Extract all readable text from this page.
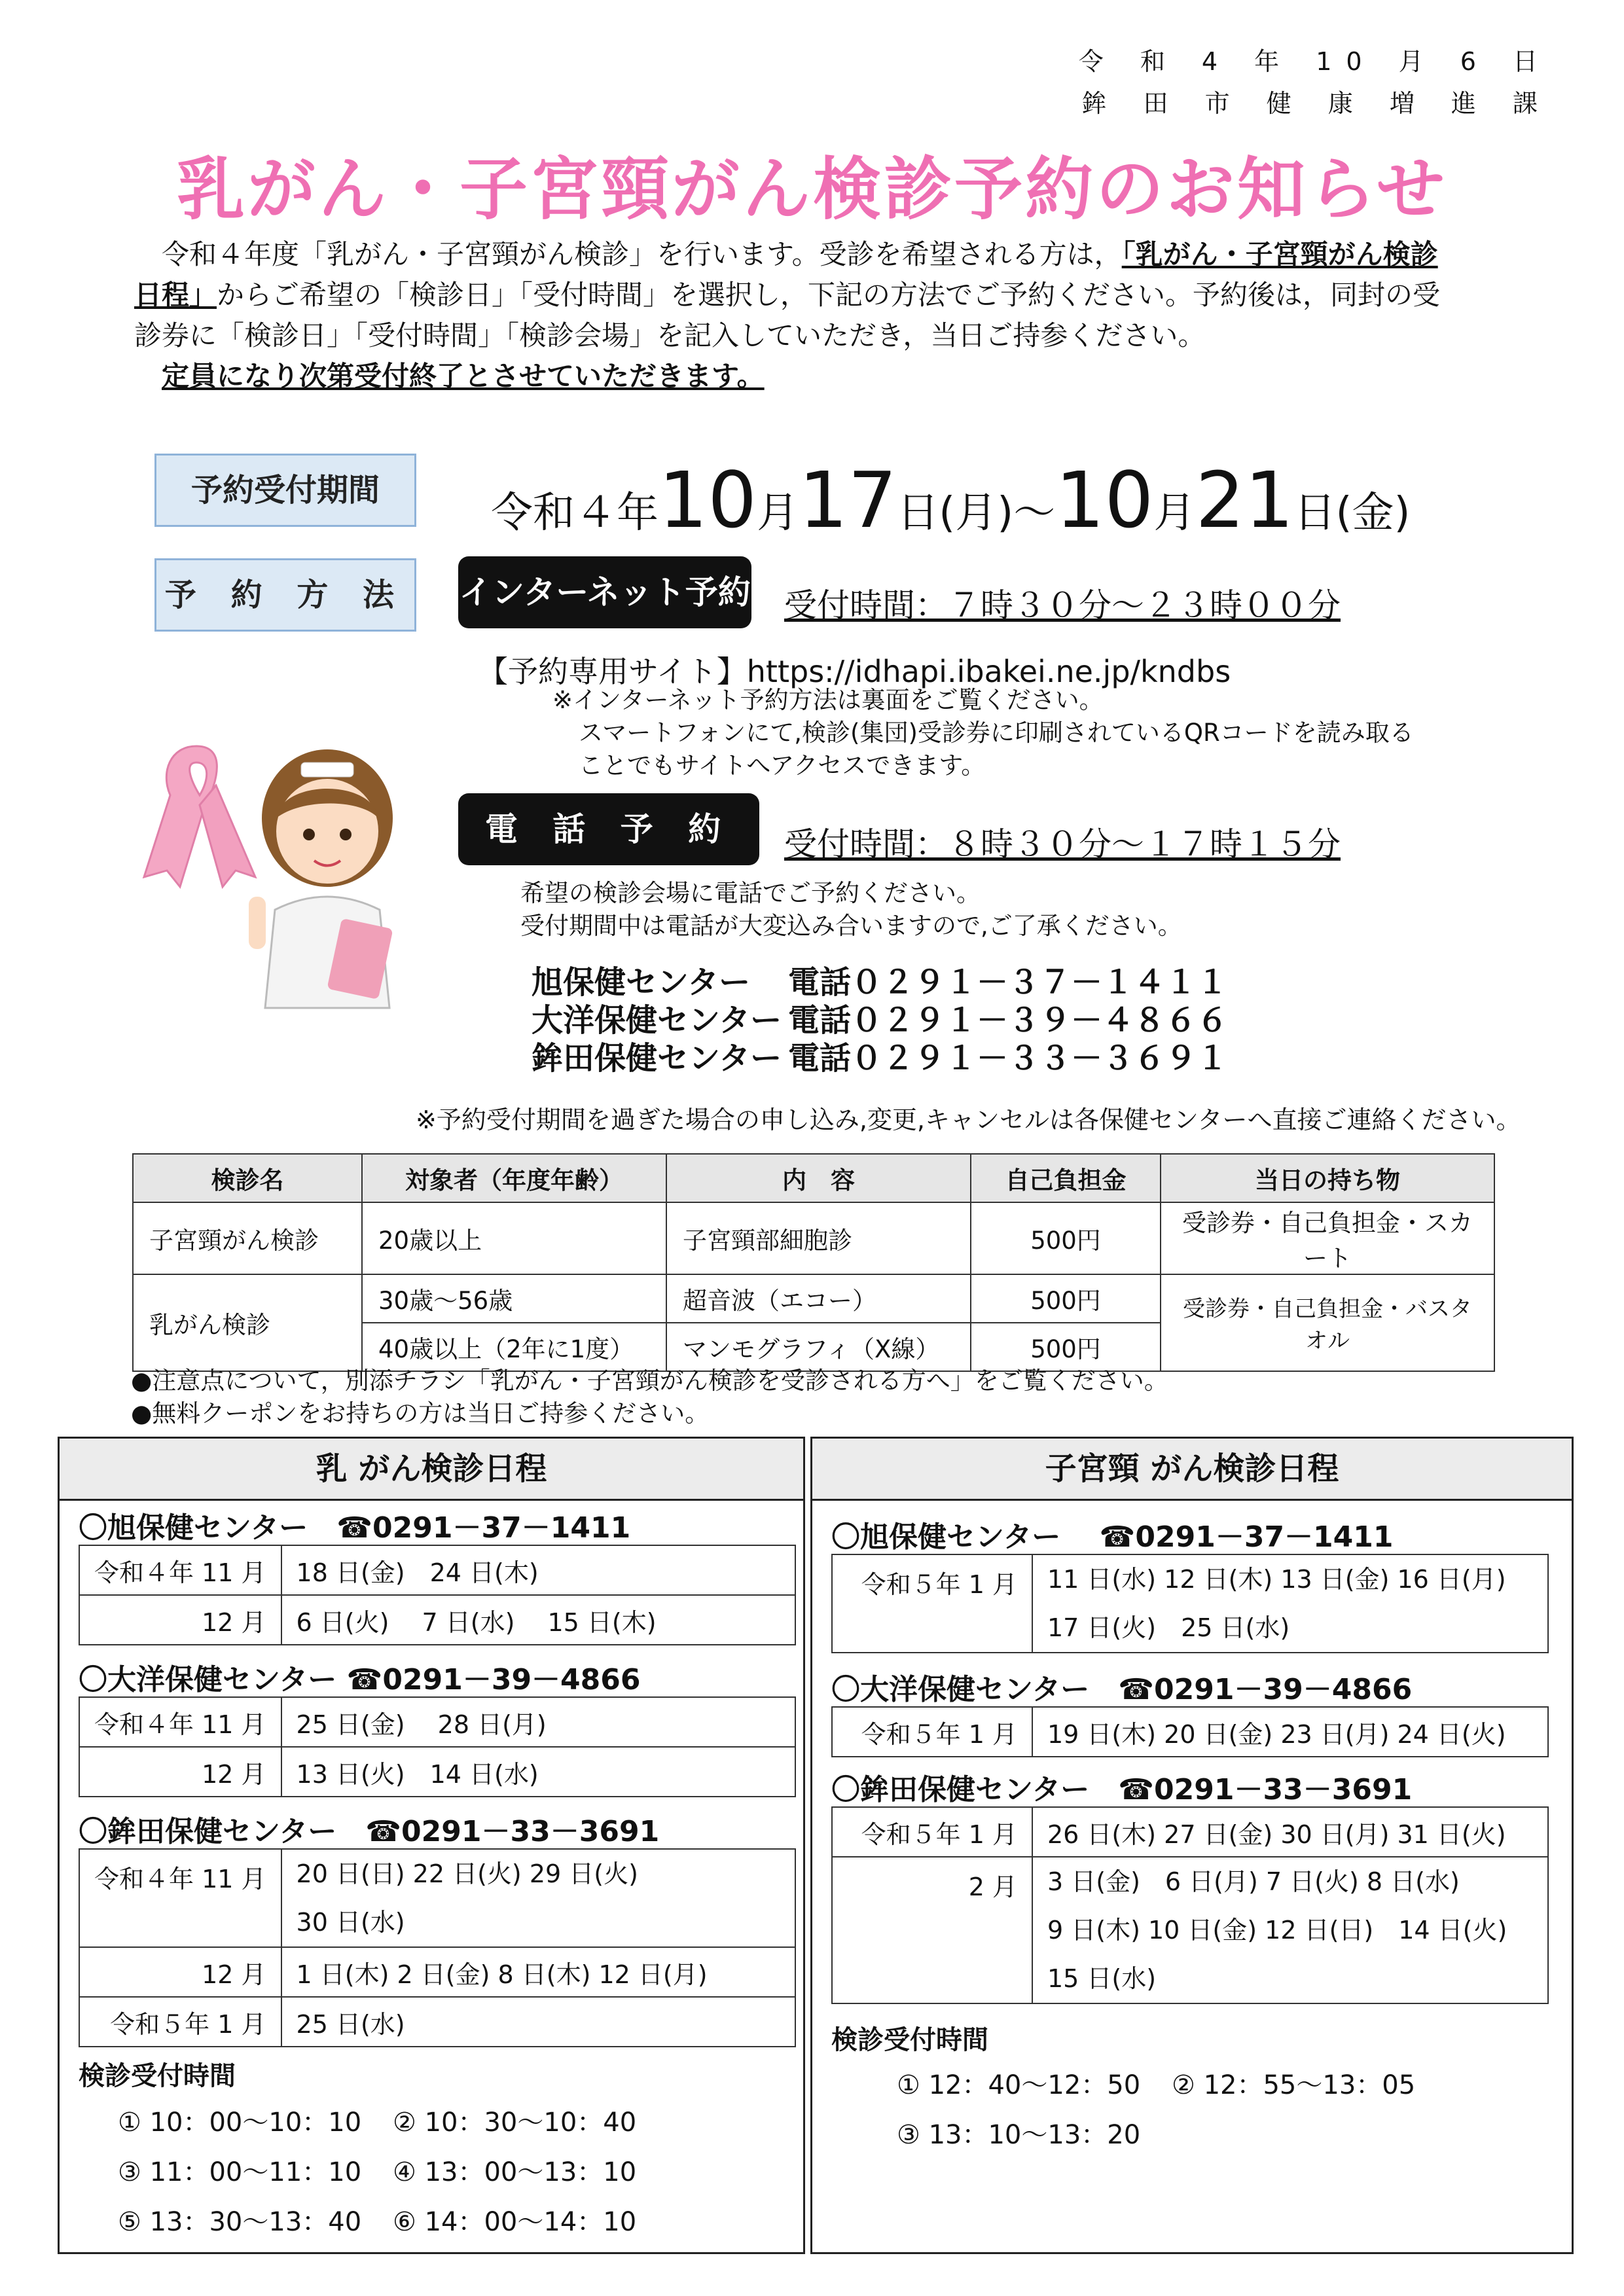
令 和 4 年 10 月 6 日
鉾 田 市 健 康 増 進 課
乳がん・子宮頸がん検診予約のお知らせ

 令和４年度「乳がん・子宮頸がん検診」を行います。受診を希望される方は，「乳がん・子宮頸がん検診

日程」からご希望の「検診日」「受付時間」を選択し，下記の方法でご予約ください。予約後は，同封の受

診券に「検診日」「受付時間」「検診会場」を記入していただき，当日ご持参ください。

 定員になり次第受付終了とさせていただきます。

予約受付期間	令和４年10月17日(月)～10月21日(金)
予 約 方 法	インターネット予約 受付時間：７時３０分～２３時００分
【予約専用サイト】https://idhapi.ibakei.ne.jp/kndbs
※インターネット予約方法は裏面をご覧ください。
スマートフォンにて,検診(集団)受診券に印刷されているQRコードを読み取る
ことでもサイトへアクセスできます。
電 話 予 約	受付時間：８時３０分～１７時１５分
希望の検診会場に電話でご予約ください。
受付期間中は電話が大変込み合いますので,ご了承ください。
旭保健センター 電話０２９１－３７－１４１１
大洋保健センター 電話０２９１－３９－４８６６
鉾田保健センター 電話０２９１－３３－３６９１
※予約受付期間を過ぎた場合の申し込み,変更,キャンセルは各保健センターへ直接ご連絡ください。
検診名	対象者（年度年齢）	内　容	自己負担金	当日の持ち物
子宮頸がん検診	20歳以上	子宮頸部細胞診	500円	受診券・自己負担金・スカート
乳がん検診	30歳～56歳	超音波（エコー）	500円	受診券・自己負担金・バスタオル
	40歳以上（2年に1度）	マンモグラフィ（X線）	500円	
●注意点について，別添チラシ「乳がん・子宮頸がん検診を受診される方へ」をご覧ください。
●無料クーポンをお持ちの方は当日ご持参ください。
乳 がん検診日程
〇旭保健センター　☎0291－37－1411
令和４年 11 月	18 日(金)　24 日(木)
12 月	6 日(火)　 7 日(水)　 15 日(木)
〇大洋保健センター ☎0291－39－4866
令和４年 11 月	25 日(金)　 28 日(月)
12 月	13 日(火)　14 日(水)
〇鉾田保健センター　☎0291－33－3691
令和４年 11 月	20 日(日) 22 日(火) 29 日(火)
30 日(水)

12 月	1 日(木) 2 日(金) 8 日(木) 12 日(月)
令和５年 1 月	25 日(水)
検診受付時間
① 10：00～10：10 ② 10：30～10：40
③ 11：00～11：10 ④ 13：00～13：10
⑤ 13：30～13：40 ⑥ 14：00～14：10
子宮頸 がん検診日程
〇旭保健センター　 ☎0291－37－1411
令和５年 1 月	11 日(水) 12 日(木) 13 日(金) 16 日(月)
17 日(火)　25 日(水)
〇大洋保健センター　☎0291－39－4866
令和５年 1 月	19 日(木) 20 日(金) 23 日(月) 24 日(火)
〇鉾田保健センター　☎0291－33－3691
令和５年 1 月	26 日(木) 27 日(金) 30 日(月) 31 日(火)
2 月	3 日(金)　6 日(月) 7 日(火) 8 日(水)
9 日(木) 10 日(金) 12 日(日)　14 日(火)
15 日(水)
検診受付時間
① 12：40～12：50 ② 12：55～13：05
③ 13：10～13：20
